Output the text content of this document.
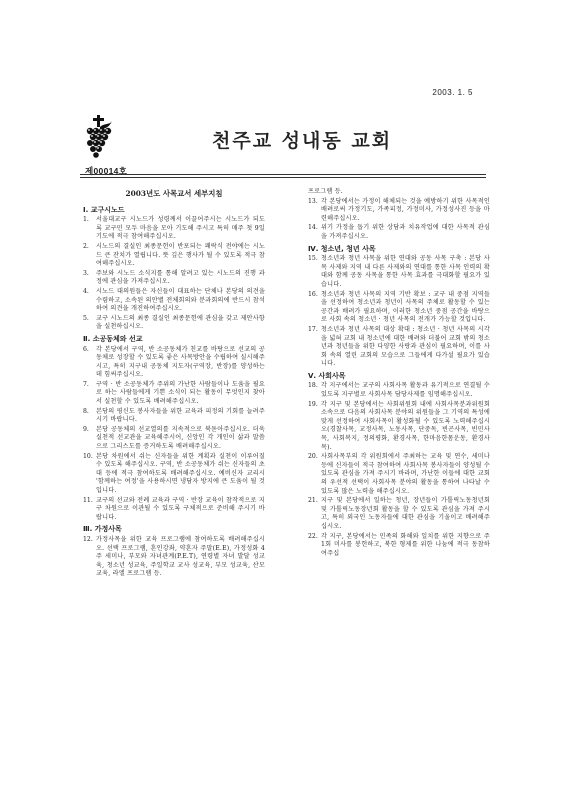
2003. 1. 5
제00014호
천주교 성내동 교회
2003년도 사목교서 세부지침
Ⅰ. 교구시노드
1.	서울대교구 시노드가 성령께서 이끌어주시는 시노드가 되도록 교구민 모두 마음을 모아 기도해 주시고 특히 매주 첫 9일기도에 적극 참여해주십시오.
2.	시노드의 결실인 최종문헌이 반포되는 쾌락식 전야에는 시노드 큰 잔치가 열립니다. 뜻 깊은 행사가 될 수 있도록 적극 참여해주십시오.
3.	주보와 시노드 소식지를 통해 알려고 있는 시노드의 진행 과정에 관심을 가져주십시오.
4.	시노드 대의원들은 자신들이 대표하는 단체나 본당의 의견을 수렴하고, 소속된 의안별 전체회의와 분과회의에 반드시 참석하여 의견을 개진하여주십시오.
5.	교구 시노드의 최종 결실인 최종문헌에 관심을 갖고 제안사항을 실천하십시오.
Ⅱ. 소공동체와 선교
6.	각 본당에서 구역, 반 소공동체가 친교를 바탕으로 선교의 공동체로 성장할 수 있도록 좋은 사목방안을 수립하여 실시해주시고, 특히 지구내 공동체 지도자(구역장, 반장)를 양성하는데 힘써주십시오.
7.	구역 · 반 소공동체가 주위의 가난한 사람들이나 도움을 필요로 하는 사람들에게 기쁜 소식이 되는 활동이 무엇인지 찾아서 실천할 수 있도록 배려해주십시오.
8.	본당의 평신도 봉사자들을 위한 교육과 피정의 기회를 늘려주시기 바랍니다.
9.	본당 공동체의 선교열의를 지속적으로 북돋아주십시오. 더욱 실천적 선교관을 교육해주시어, 신앙인 각 개인이 삶과 말씀으로 그리스도를 증거하도록 배려해주십시오.
10. 본당 차원에서 쉬는 신자들을 위한 계획과 실천이 이루어질 수 있도록 해주십시오. 구역, 반 소공동체가 쉬는 신자들의 초대 등에 적극 참여하도록 배려해주십시오. 예비신자 교리시 '함께하는 여정'을 사용하시면 냉담자 방지에 큰 도움이 될 것입니다.
11. 교구의 선교와 전례 교육과 구역 · 반장 교육이 참작적으로 지구 차원으로 이관될 수 있도록 구체적으로 준비해 주시기 바랍니다.
Ⅲ. 가정사목
12. 가정사목을 위한 교육 프로그램에 참여하도록 배려해주십시오. 선택 프로그램, 혼인강좌, 약혼자 주말(E.E), 가정성화 4주 세미나, 부모와 자녀관계(P.E.T), 연령별 자녀 발달 성교육, 청소년 성교육, 주일학교 교사 성교육, 부모 성교육, 산모 교육, 라엘 프로그램 등.
프로그램 등.
13. 각 본당에서는 가정이 해체되는 것을 예방하기 위한 사목적인 배려로써 가정기도, 가족피정, 가정미사, 가정성사진 등을 마련해주십시오.
14. 위기 가정을 돕기 위한 상담과 치유작업에 대한 사목적 관심을 가져주십시오.
Ⅳ. 청소년, 청년 사목
15. 청소년과 청년 사목을 위한 연대와 공동 사목 구축 : 본당 사목 사제와 지역 내 다른 사제와의 연대를 통한 사목 인력의 확대와 함께 공동 사목을 통한 사목 효과를 극대화할 필요가 있습니다.
16. 청소년과 청년 사목의 지역 기반 확보 : 교구 내 중점 지역들을 선정하여 청소년과 청년이 사목의 주체로 활동할 수 있는 공간과 배려가 필요하며, 이러한 청소년 중점 공간을 바탕으로 사회 속의 청소년 · 청년 사목의 전개가 가능할 것입니다.
17. 청소년과 청년 사목의 대상 확대 : 청소년 · 청년 사목의 시각을 넓혀 교회 내 청소년에 대한 배려와 더불어 교회 밖의 청소년과 청년들을 위한 다양한 사랑과 관심이 필요하며, 이를 사회 속의 열린 교회의 모습으로 그들에게 다가설 필요가 있습니다.
Ⅴ. 사회사목
18. 각 지구에서는 교구의 사회사목 활동과 유기적으로 연결될 수 있도록 지구별로 사회사목 담당사제를 임명해주십시오.
19. 각 지구 및 본당에서는 사회위원회 내에 사회사목분과위원회 소속으로 다음의 사회사목 분야의 위원들을 그 기역의 특성에 맞게 선정하여 사회사목이 활성화될 수 있도록 노력해주십시오(경찰사목, 교정사목, 노동사목, 단중독, 빈곤사목, 빈민사목, 사회복지, 정의평화, 환경사목, 한마음한몸운동, 환경사목).
20. 사회사목부의 각 위원회에서 주최하는 교육 및 연수, 세미나 등에 신자들이 적극 참여하여 사회사목 봉사자들이 양성될 수 있도록 관심을 가져 주시기 바라며, 가난한 이들에 대한 교회의 우선적 선택이 사회사목 분야의 활동을 통하여 나타날 수 있도록 많은 노력을 해주십시오.
21. 지구 및 본당에서 일하는 청년, 장년들이 가톨릭노동청년회 및 가톨릭노동장년회 활동을 할 수 있도록 관심을 가져 주시고, 특히 외국인 노동자들에 대한 관심을 기울이고 배려해주십시오.
22. 각 지구, 본당에서는 민족의 화해와 일치를 위한 지향으로 주 1회 미사를 봉헌하고, 북한 형제를 위한 나눔에 적극 동참하여주십
